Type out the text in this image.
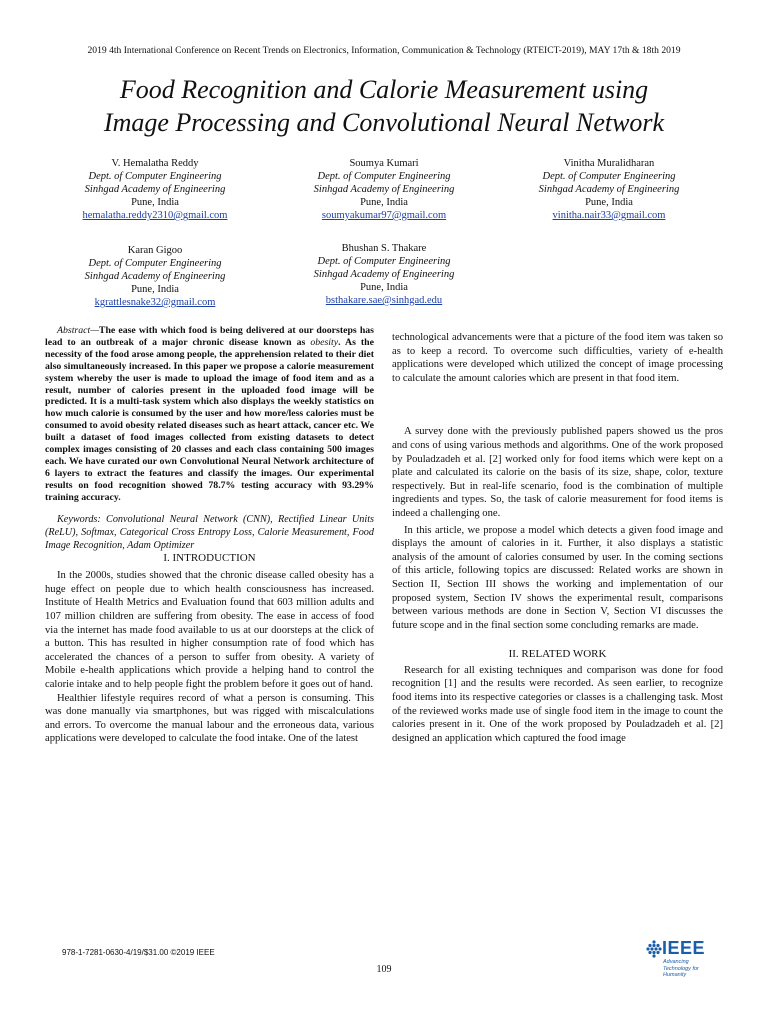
2019 4th International Conference on Recent Trends on Electronics, Information, Communication & Technology (RTEICT-2019), MAY 17th & 18th 2019
Food Recognition and Calorie Measurement using
Image Processing and Convolutional Neural Network
V. Hemalatha Reddy
Dept. of Computer Engineering
Sinhgad Academy of Engineering
Pune, India
hemalatha.reddy2310@gmail.com
Soumya Kumari
Dept. of Computer Engineering
Sinhgad Academy of Engineering
Pune, India
soumyakumar97@gmail.com
Vinitha Muralidharan
Dept. of Computer Engineering
Sinhgad Academy of Engineering
Pune, India
vinitha.nair33@gmail.com
Karan Gigoo
Dept. of Computer Engineering
Sinhgad Academy of Engineering
Pune, India
kgrattlesnake32@gmail.com
Bhushan S. Thakare
Dept. of Computer Engineering
Sinhgad Academy of Engineering
Pune, India
bsthakare.sae@sinhgad.edu

Abstract—The ease with which food is being delivered at our doorsteps has lead to an outbreak of a major chronic disease known as obesity. As the necessity of the food arose among people, the apprehension related to their diet also simultaneously increased. In this paper we propose a calorie measurement system whereby the user is made to upload the image of food item and as a result, number of calories present in the uploaded food image will be predicted. It is a multi-task system which also displays the weekly statistics on how much calorie is consumed by the user and how more/less calories must be consumed to avoid obesity related diseases such as heart attack, cancer etc. We built a dataset of food images collected from existing datasets to detect complex images consisting of 20 classes and each class containing 500 images each. We have curated our own Convolutional Neural Network architecture of 6 layers to extract the features and classify the images. Our experimental results on food recognition showed 78.7% testing accuracy with 93.29% training accuracy.

Keywords: Convolutional Neural Network (CNN), Rectified Linear Units (ReLU), Softmax, Categorical Cross Entropy Loss, Calorie Measurement, Food Image Recognition, Adam Optimizer

I. INTRODUCTION

In the 2000s, studies showed that the chronic disease called obesity has a huge effect on people due to which health consciousness has increased. Institute of Health Metrics and Evaluation found that 603 million adults and 107 million children are suffering from obesity. The ease in access of food via the internet has made food available to us at our doorsteps at the click of a button. This has resulted in higher consumption rate of food which has accelerated the chances of a person to suffer from obesity. A variety of Mobile e-health applications which provide a helping hand to control the calorie intake and to help people fight the problem before it goes out of hand.

Healthier lifestyle requires record of what a person is consuming. This was done manually via smartphones, but was rigged with miscalculations and errors. To overcome the manual labour and the erroneous data, various applications were developed to calculate the food intake. One of the latest

technological advancements were that a picture of the food item was taken so as to keep a record. To overcome such difficulties, variety of e-health applications were developed which utilized the concept of image processing to calculate the amount calories which are present in that food item.

A survey done with the previously published papers showed us the pros and cons of using various methods and algorithms. One of the work proposed by Pouladzadeh et al. [2] worked only for food items which were kept on a plate and calculated its calorie on the basis of its size, shape, color, texture respectively. But in real-life scenario, food is the combination of multiple ingredients and types. So, the task of calorie measurement for food items is indeed a challenging one.

In this article, we propose a model which detects a given food image and displays the amount of calories in it. Further, it also displays a statistic analysis of the amount of calories consumed by user. In the coming sections of this article, following topics are discussed: Related works are shown in Section II, Section III shows the working and implementation of our proposed system, Section IV shows the experimental result, comparisons between various methods are done in Section V, Section VI discusses the future scope and in the final section some concluding remarks are made.

II. RELATED WORK

Research for all existing techniques and comparison was done for food recognition [1] and the results were recorded. As seen earlier, to recognize food items into its respective categories or classes is a challenging task. Most of the reviewed works made use of single food item in the image to count the calories present in it. One of the work proposed by Pouladzadeh et al. [2] designed an application which captured the food image

978-1-7281-0630-4/19/$31.00 ©2019 IEEE
109
IEEE
Advancing Technology for Humanity
